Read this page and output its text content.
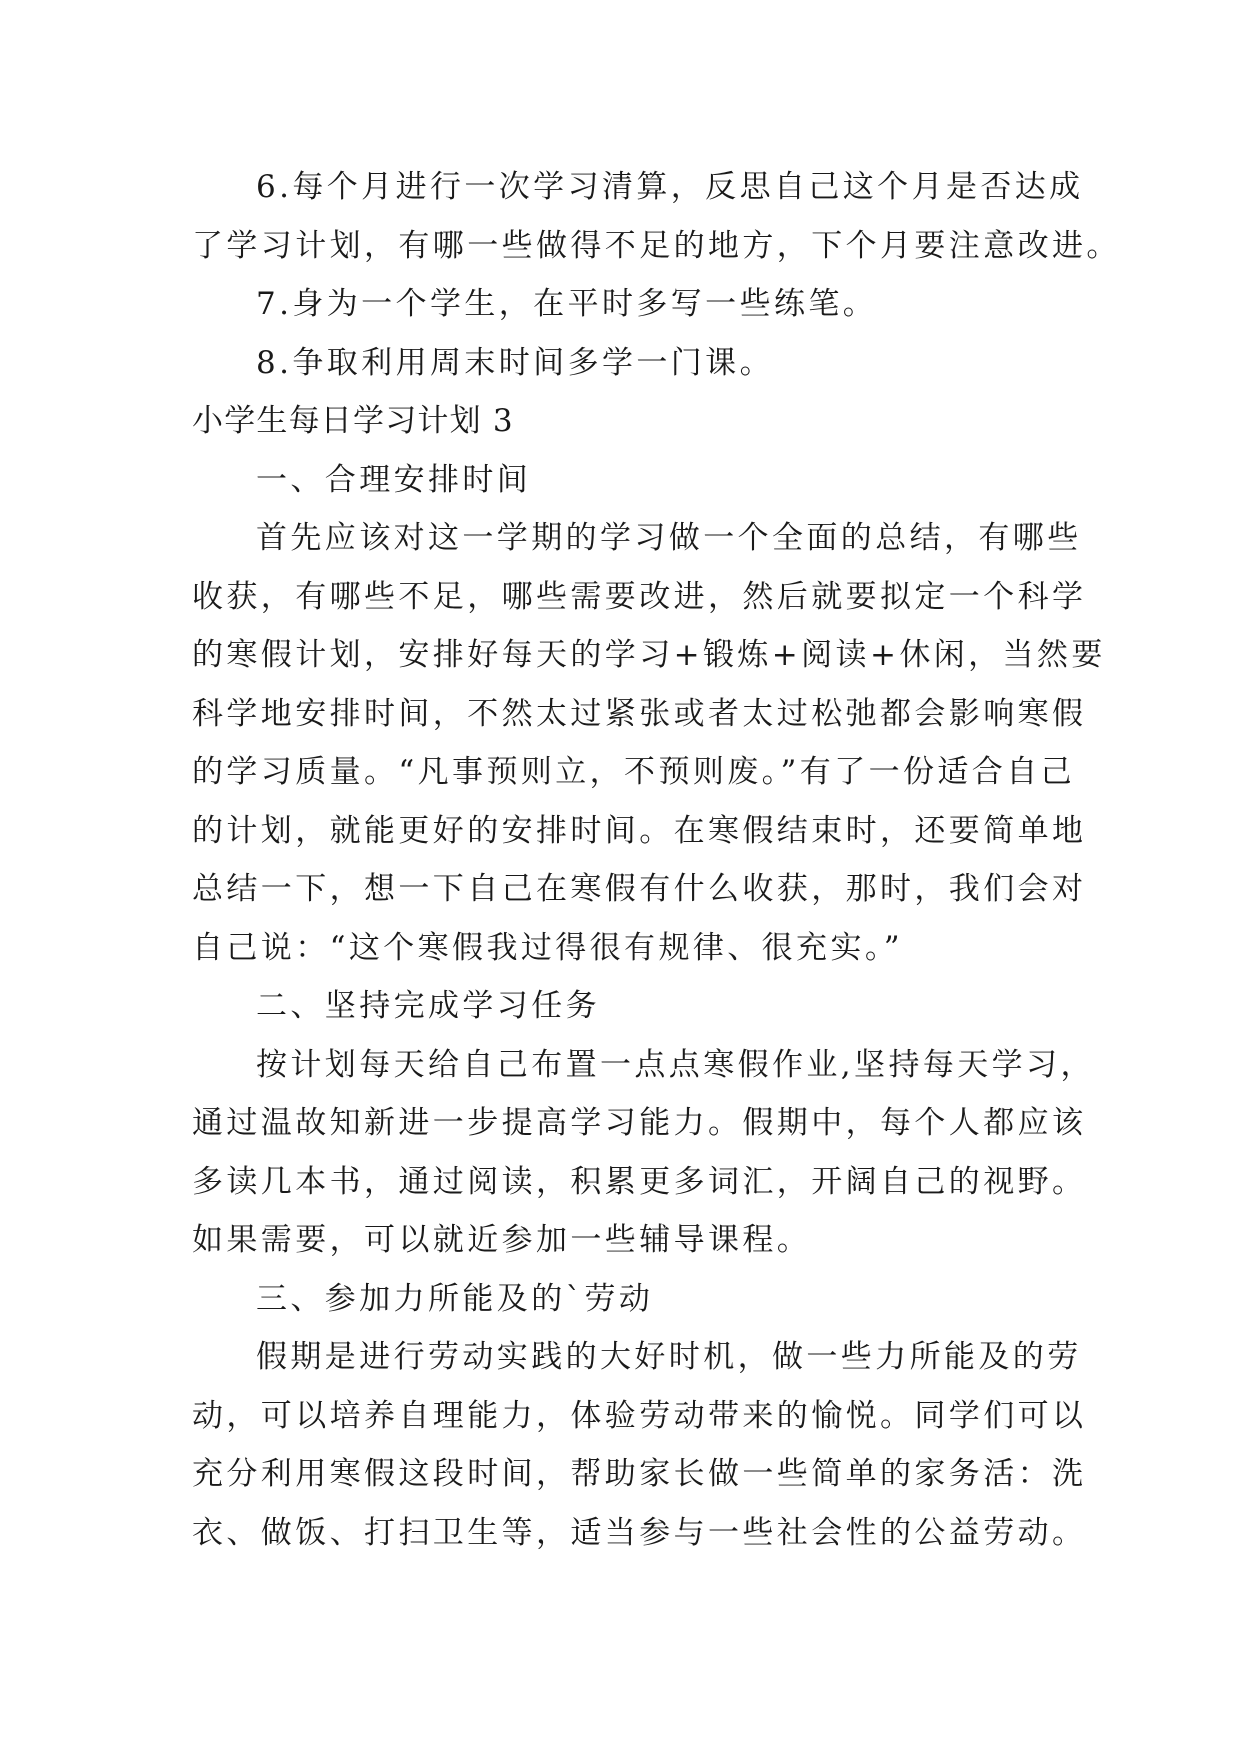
6.每个月进行一次学习清算，反思自己这个月是否达成
了学习计划，有哪一些做得不足的地方，下个月要注意改进。
7.身为一个学生，在平时多写一些练笔。
8.争取利用周末时间多学一门课。
小学生每日学习计划 3
一、合理安排时间
首先应该对这一学期的学习做一个全面的总结，有哪些
收获，有哪些不足，哪些需要改进，然后就要拟定一个科学
的寒假计划，安排好每天的学习+锻炼+阅读+休闲，当然要
科学地安排时间，不然太过紧张或者太过松弛都会影响寒假
的学习质量。“凡事预则立，不预则废。”有了一份适合自己
的计划，就能更好的安排时间。在寒假结束时，还要简单地
总结一下，想一下自己在寒假有什么收获，那时，我们会对
自己说：“这个寒假我过得很有规律、很充实。”
二、坚持完成学习任务
按计划每天给自己布置一点点寒假作业,坚持每天学习，
通过温故知新进一步提高学习能力。假期中，每个人都应该
多读几本书，通过阅读，积累更多词汇，开阔自己的视野。
如果需要，可以就近参加一些辅导课程。
三、参加力所能及的`劳动
假期是进行劳动实践的大好时机，做一些力所能及的劳
动，可以培养自理能力，体验劳动带来的愉悦。同学们可以
充分利用寒假这段时间，帮助家长做一些简单的家务活：洗
衣、做饭、打扫卫生等，适当参与一些社会性的公益劳动。
